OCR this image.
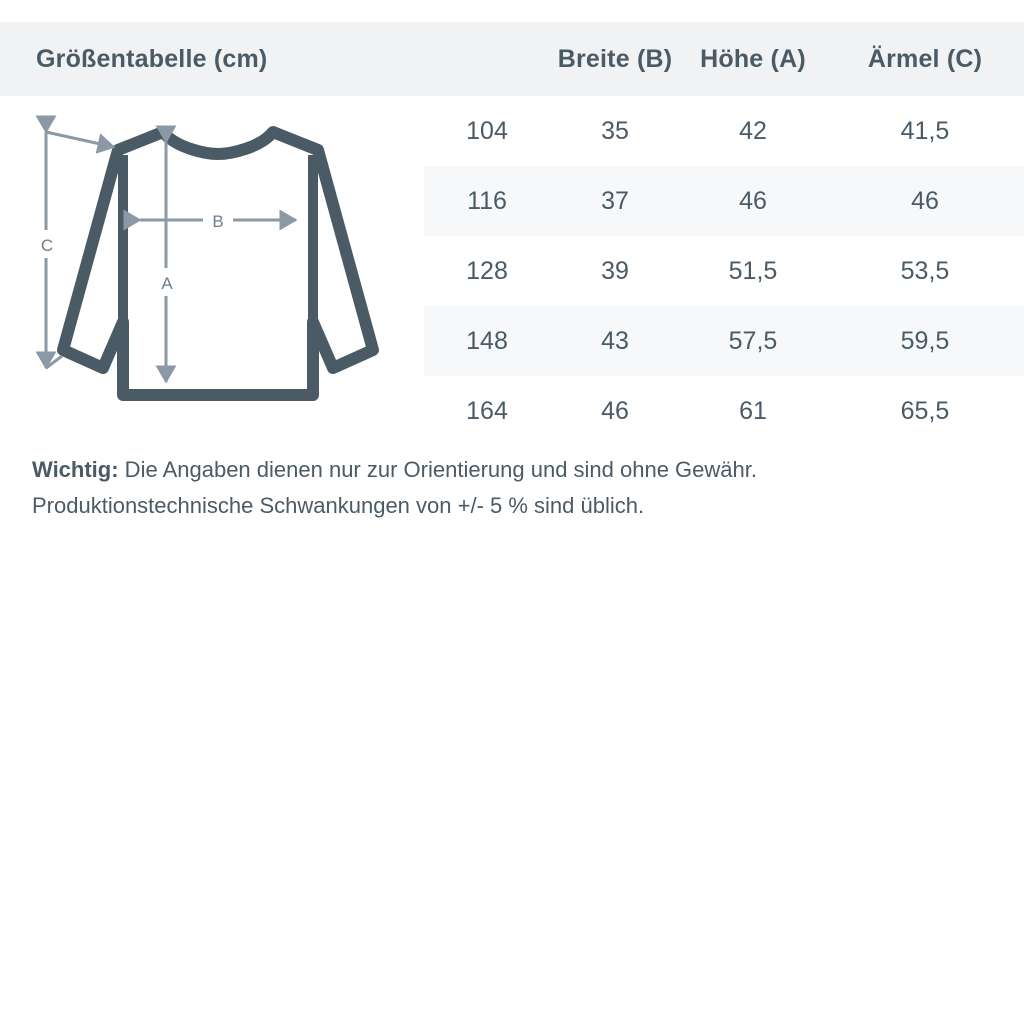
Größentabelle (cm)	Breite (B)	Höhe (A)	Ärmel (C)
104	35	42	41,5
116	37	46	46
128	39	51,5	53,5
148	43	57,5	59,5
164	46	61	65,5
B
A
C
Wichtig: Die Angaben dienen nur zur Orientierung und sind ohne Gewähr.
Produktionstechnische Schwankungen von +/- 5 % sind üblich.
